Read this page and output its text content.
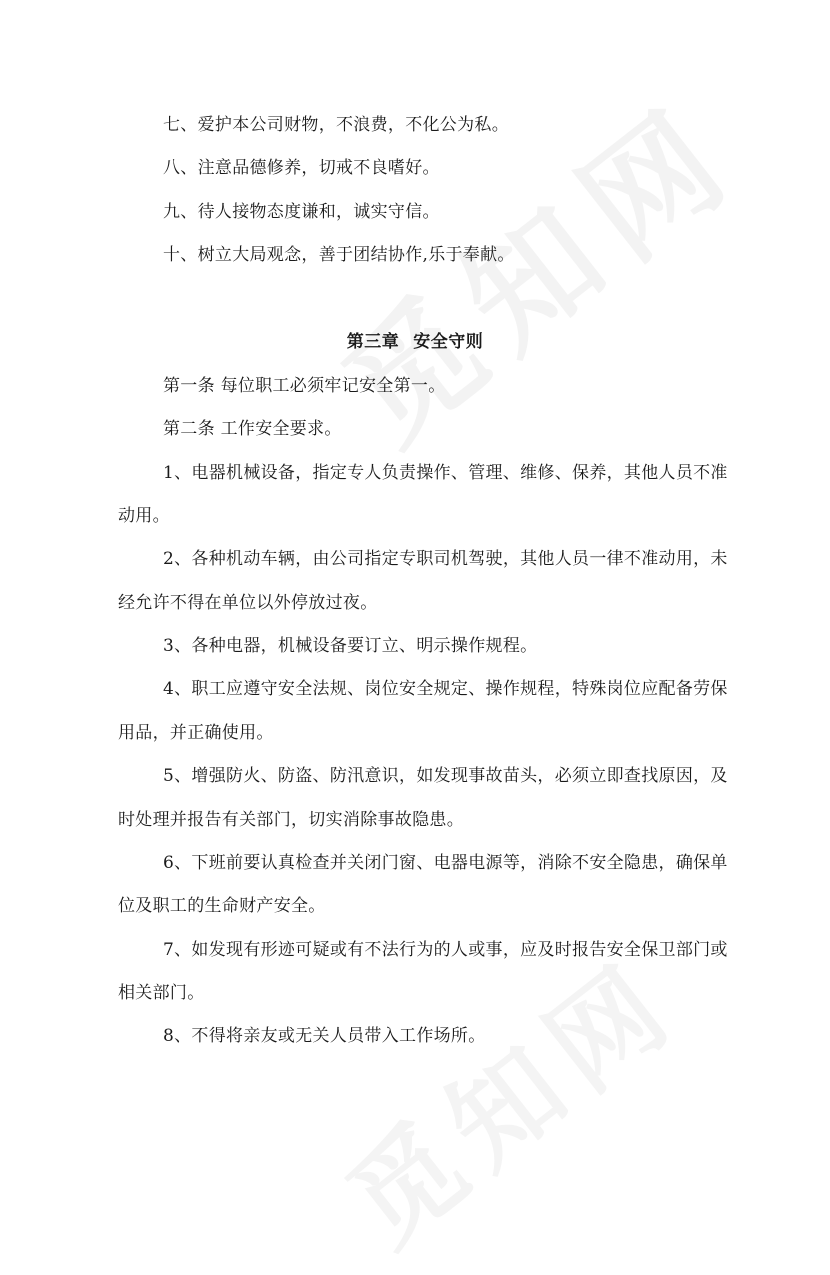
七、爱护本公司财物，不浪费，不化公为私。
八、注意品德修养，切戒不良嗜好。
九、待人接物态度谦和，诚实守信。
十、树立大局观念，善于团结协作,乐于奉献。
第三章 安全守则
第一条 每位职工必须牢记安全第一。
第二条 工作安全要求。
1、电器机械设备，指定专人负责操作、管理、维修、保养，其他人员不准
动用。
2、各种机动车辆，由公司指定专职司机驾驶，其他人员一律不准动用，未
经允许不得在单位以外停放过夜。
3、各种电器，机械设备要订立、明示操作规程。
4、职工应遵守安全法规、岗位安全规定、操作规程，特殊岗位应配备劳保
用品，并正确使用。
5、增强防火、防盗、防汛意识，如发现事故苗头，必须立即查找原因，及
时处理并报告有关部门，切实消除事故隐患。
6、下班前要认真检查并关闭门窗、电器电源等，消除不安全隐患，确保单
位及职工的生命财产安全。
7、如发现有形迹可疑或有不法行为的人或事，应及时报告安全保卫部门或
相关部门。
8、不得将亲友或无关人员带入工作场所。
